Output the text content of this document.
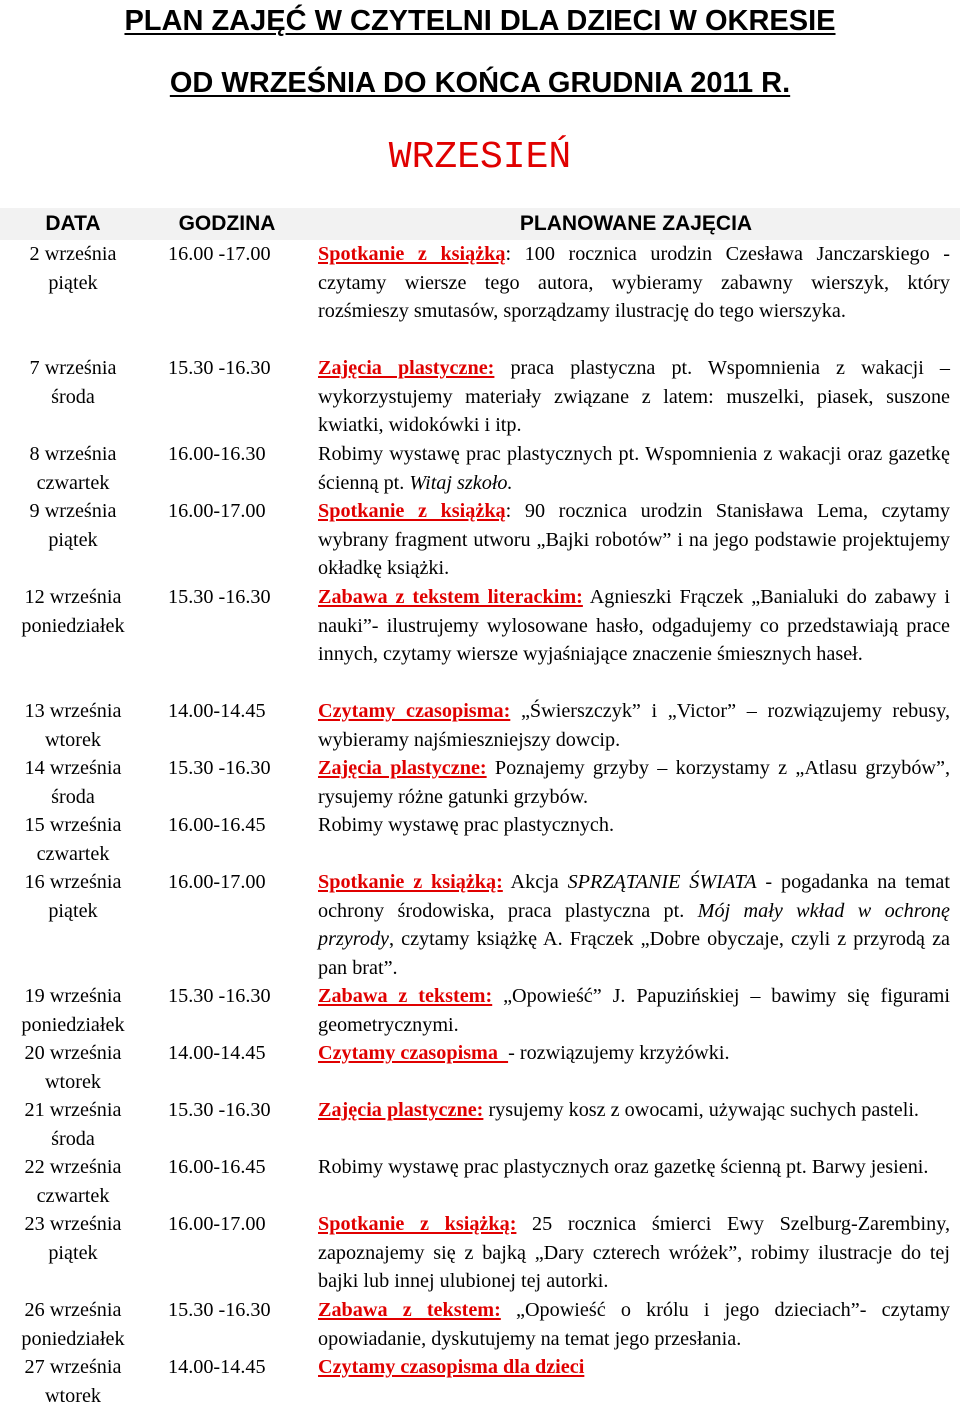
PLAN ZAJĘĆ W CZYTELNI DLA DZIECI W OKRESIE
OD WRZEŚNIA DO KOŃCA GRUDNIA 2011 R.
WRZESIEŃ
DATA	GODZINA	PLANOWANE ZAJĘCIA
2 września
piątek
16.00 -17.00	Spotkanie z książką: 100 rocznica urodzin Czesława Janczarskiego - czytamy wiersze tego autora, wybieramy zabawny wierszyk, który rozśmieszy smutasów, sporządzamy ilustrację do tego wierszyka.
7 września
środa
15.30 -16.30	Zajęcia plastyczne: praca plastyczna pt. Wspomnienia z wakacji – wykorzystujemy materiały związane z latem: muszelki, piasek, suszone kwiatki, widokówki i itp.
8 września
czwartek
16.00-16.30	Robimy wystawę prac plastycznych pt. Wspomnienia z wakacji oraz gazetkę ścienną pt. Witaj szkoło.
9 września
piątek
16.00-17.00	Spotkanie z książką: 90 rocznica urodzin Stanisława Lema, czytamy wybrany fragment utworu „Bajki robotów” i na jego podstawie projektujemy okładkę książki.
12 września
poniedziałek
15.30 -16.30	Zabawa z tekstem literackim: Agnieszki Frączek „Banialuki do zabawy i nauki”- ilustrujemy wylosowane hasło, odgadujemy co przedstawiają prace innych, czytamy wiersze wyjaśniające znaczenie śmiesznych haseł.
13 września
wtorek
14.00-14.45	Czytamy czasopisma: „Świerszczyk” i „Victor” – rozwiązujemy rebusy, wybieramy najśmieszniejszy dowcip.
14 września
środa
15.30 -16.30	Zajęcia plastyczne: Poznajemy grzyby – korzystamy z „Atlasu grzybów”, rysujemy różne gatunki grzybów.
15 września
czwartek
16.00-16.45	Robimy wystawę prac plastycznych.
16 września
piątek
16.00-17.00	Spotkanie z książką: Akcja SPRZĄTANIE ŚWIATA - pogadanka na temat ochrony środowiska, praca plastyczna pt. Mój mały wkład w ochronę przyrody, czytamy książkę A. Frączek „Dobre obyczaje, czyli z przyrodą za pan brat”.
19 września
poniedziałek
15.30 -16.30	Zabawa z tekstem: „Opowieść” J. Papuzińskiej – bawimy się figurami geometrycznymi.
20 września
wtorek
14.00-14.45	Czytamy czasopisma  - rozwiązujemy krzyżówki.
21 września
środa
15.30 -16.30	Zajęcia plastyczne: rysujemy kosz z owocami, używając suchych pasteli.
22 września
czwartek
16.00-16.45	Robimy wystawę prac plastycznych oraz gazetkę ścienną pt. Barwy jesieni.
23 września
piątek
16.00-17.00	Spotkanie z książką: 25 rocznica śmierci Ewy Szelburg-Zarembiny, zapoznajemy się z bajką „Dary czterech wróżek”, robimy ilustracje do tej bajki lub innej ulubionej tej autorki.
26 września
poniedziałek
15.30 -16.30	Zabawa z tekstem: „Opowieść o królu i jego dzieciach”- czytamy opowiadanie, dyskutujemy na temat jego przesłania.
27 września
wtorek
14.00-14.45	Czytamy czasopisma dla dzieci
